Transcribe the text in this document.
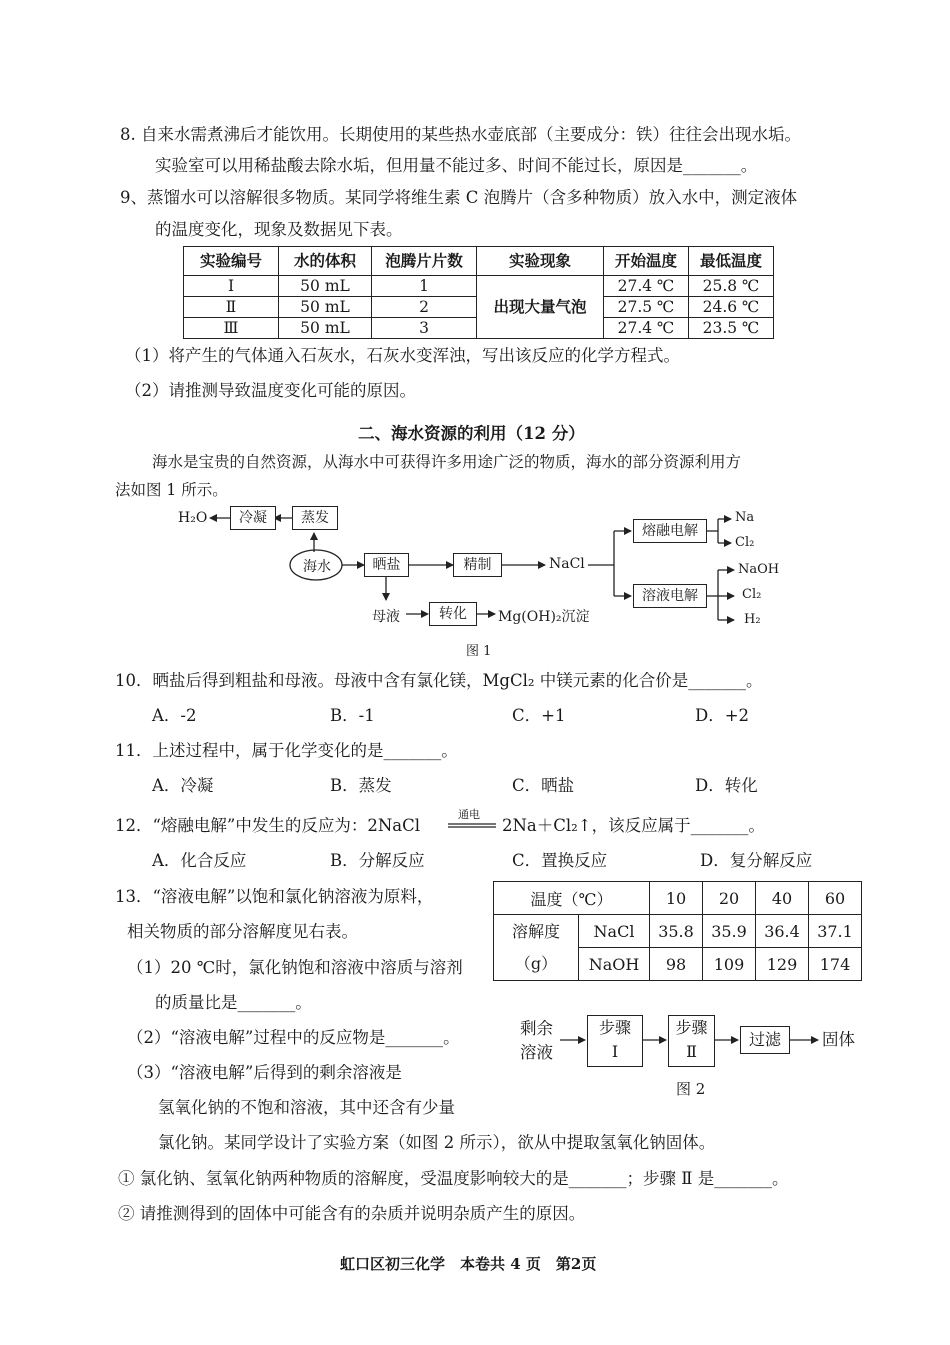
8. 自来水需煮沸后才能饮用。长期使用的某些热水壶底部（主要成分：铁）往往会出现水垢。
实验室可以用稀盐酸去除水垢，但用量不能过多、时间不能过长，原因是_______。
9、蒸馏水可以溶解很多物质。某同学将维生素 C 泡腾片（含多种物质）放入水中，测定液体
的温度变化，现象及数据见下表。
实验编号	水的体积	泡腾片片数	实验现象	开始温度	最低温度
Ⅰ	50 mL	1	出现大量气泡	27.4 ℃	25.8 ℃
Ⅱ	50 mL	2		27.5 ℃	24.6 ℃
Ⅲ	50 mL	3		27.4 ℃	23.5 ℃
（1）将产生的气体通入石灰水，石灰水变浑浊，写出该反应的化学方程式。
（2）请推测导致温度变化可能的原因。
二、海水资源的利用（12 分）
海水是宝贵的自然资源，从海水中可获得许多用途广泛的物质，海水的部分资源利用方
法如图 1 所示。
H₂O	冷凝	蒸发
海水	晒盐	精制	NaCl
熔融电解
溶液电解
Na
Cl₂
NaOH
Cl₂
H₂
母液	转化	Mg(OH)₂沉淀
图 1
10．晒盐后得到粗盐和母液。母液中含有氯化镁，MgCl₂ 中镁元素的化合价是_______。
A．-2	B．-1	C．+1	D．+2
11．上述过程中，属于化学变化的是_______。
A．冷凝	B．蒸发	C．晒盐	D．转化
12．“熔融电解”中发生的反应为：2NaCl
通电
2Na＋Cl₂↑，该反应属于_______。
A．化合反应	B．分解反应	C．置换反应	D．复分解反应
13．“溶液电解”以饱和氯化钠溶液为原料，
相关物质的部分溶解度见右表。
（1）20 ℃时，氯化钠饱和溶液中溶质与溶剂
的质量比是_______。
（2）“溶液电解”过程中的反应物是_______。
（3）“溶液电解”后得到的剩余溶液是
氢氧化钠的不饱和溶液，其中还含有少量
氯化钠。某同学设计了实验方案（如图 2 所示），欲从中提取氢氧化钠固体。
① 氯化钠、氢氧化钠两种物质的溶解度，受温度影响较大的是_______；步骤 Ⅱ 是_______。
② 请推测得到的固体中可能含有的杂质并说明杂质产生的原因。
温度（℃）		10	20	40	60

溶解度
（g）	NaCl	35.8	35.9	36.4	37.1
	NaOH	98	109	129	174
剩余
溶液
步骤
Ⅰ
步骤
Ⅱ
过滤	固体
图 2
虹口区初三化学　本卷共 4 页　第2页
